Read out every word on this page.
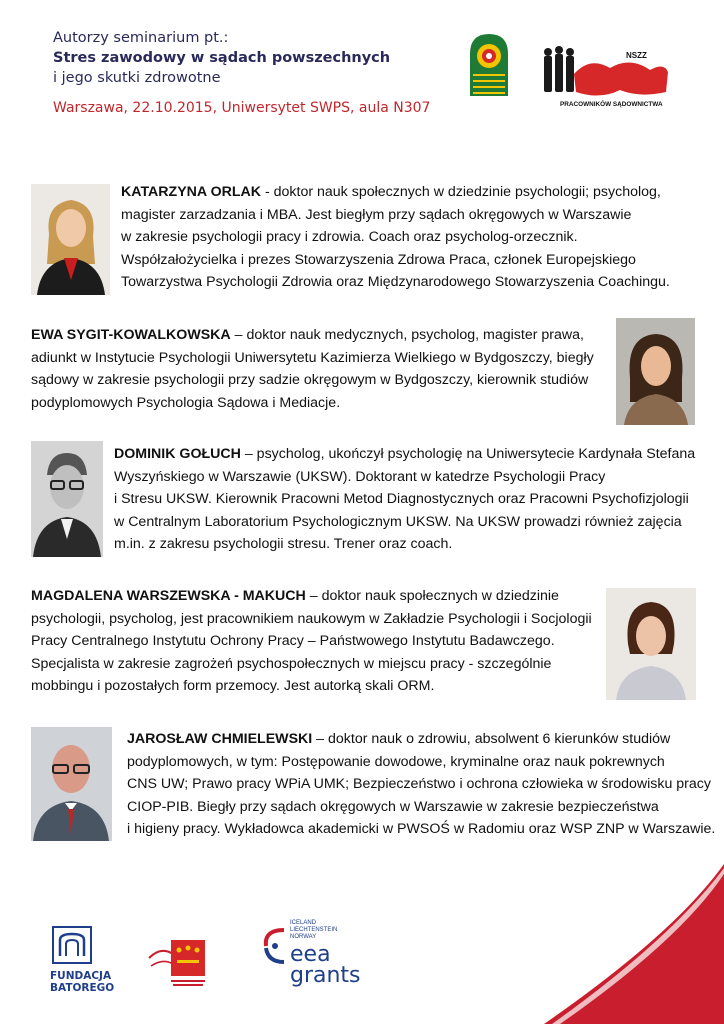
Autorzy seminarium pt.:
Stres zawodowy w sądach powszechnych
i jego skutki zdrowotne
Warszawa, 22.10.2015, Uniwersytet SWPS, aula N307
NSZZ
PRACOWNIKÓW SĄDOWNICTWA
KATARZYNA ORLAK - doktor nauk społecznych w dziedzinie psychologii; psycholog,
magister zarzadzania i MBA. Jest biegłym przy sądach okręgowych w Warszawie
w zakresie psychologii pracy i zdrowia. Coach oraz psycholog-orzecznik.
Współzałożycielka i prezes Stowarzyszenia Zdrowa Praca, członek Europejskiego
Towarzystwa Psychologii Zdrowia oraz Międzynarodowego Stowarzyszenia Coachingu.
EWA SYGIT-KOWALKOWSKA – doktor nauk medycznych, psycholog, magister prawa,
adiunkt w Instytucie Psychologii Uniwersytetu Kazimierza Wielkiego w Bydgoszczy, biegły
sądowy w zakresie psychologii przy sadzie okręgowym w Bydgoszczy, kierownik studiów
podyplomowych Psychologia Sądowa i Mediacje.
DOMINIK GOŁUCH – psycholog, ukończył psychologię na Uniwersytecie Kardynała Stefana
Wyszyńskiego w Warszawie (UKSW). Doktorant w katedrze Psychologii Pracy
i Stresu UKSW. Kierownik Pracowni Metod Diagnostycznych oraz Pracowni Psychofizjologii
w Centralnym Laboratorium Psychologicznym UKSW. Na UKSW prowadzi również zajęcia
m.in. z zakresu psychologii stresu. Trener oraz coach.
MAGDALENA WARSZEWSKA - MAKUCH – doktor nauk społecznych w dziedzinie
psychologii, psycholog, jest pracownikiem naukowym w Zakładzie Psychologii i Socjologii
Pracy Centralnego Instytutu Ochrony Pracy – Państwowego Instytutu Badawczego.
Specjalista w zakresie zagrożeń psychospołecznych w miejscu pracy - szczególnie
mobbingu i pozostałych form przemocy. Jest autorką skali ORM.
JAROSŁAW CHMIELEWSKI – doktor nauk o zdrowiu, absolwent 6 kierunków studiów
podyplomowych, w tym: Postępowanie dowodowe, kryminalne oraz nauk pokrewnych
CNS UW; Prawo pracy WPiA UMK; Bezpieczeństwo i ochrona człowieka w środowisku pracy
CIOP-PIB. Biegły przy sądach okręgowych w Warszawie w zakresie bezpieczeństwa
i higieny pracy. Wykładowca akademicki w PWSOŚ w Radomiu oraz WSP ZNP w Warszawie.
FUNDACJA
BATOREGO
ICELAND
LIECHTENSTEIN
NORWAY
eea
grants
